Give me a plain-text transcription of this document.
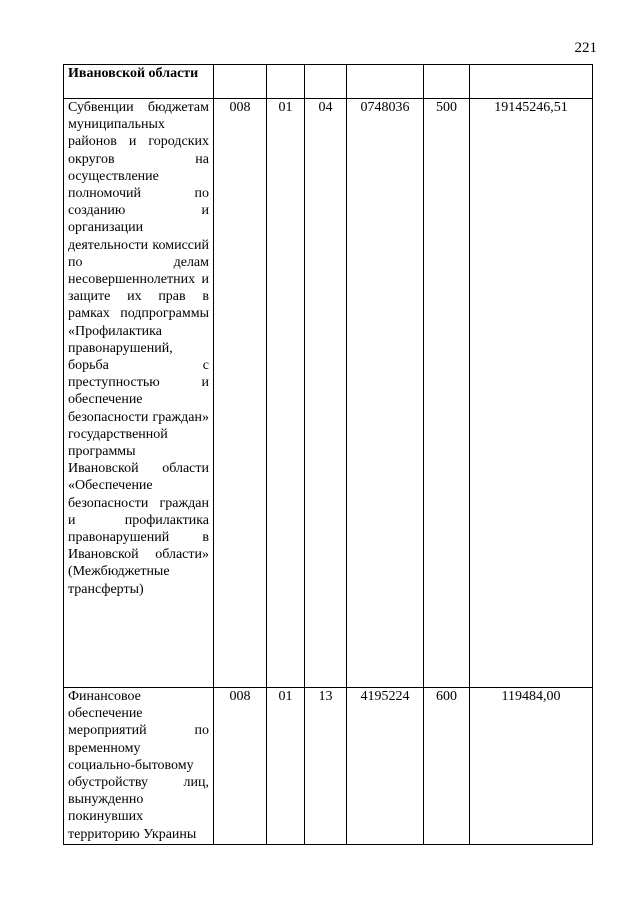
221
Ивановской области						

Субвенции бюджетам муниципальных районов и городских округов на осуществление полномочий по созданию и организации деятельности комиссий по делам несовершеннолетних и защите их прав в рамках подпрограммы «Профилактика правонарушений, борьба с преступностью и обеспечение безопасности граждан» государственной программы Ивановской области «Обеспечение безопасности граждан и профилактика правонарушений в Ивановской области» (Межбюджетные трансферты)	008	01	04	0748036	500	19145246,51

Финансовое обеспечение мероприятий по временному социально-бытовому обустройству лиц, вынужденно покинувших территорию Украины	008	01	13	4195224	600	119484,00
